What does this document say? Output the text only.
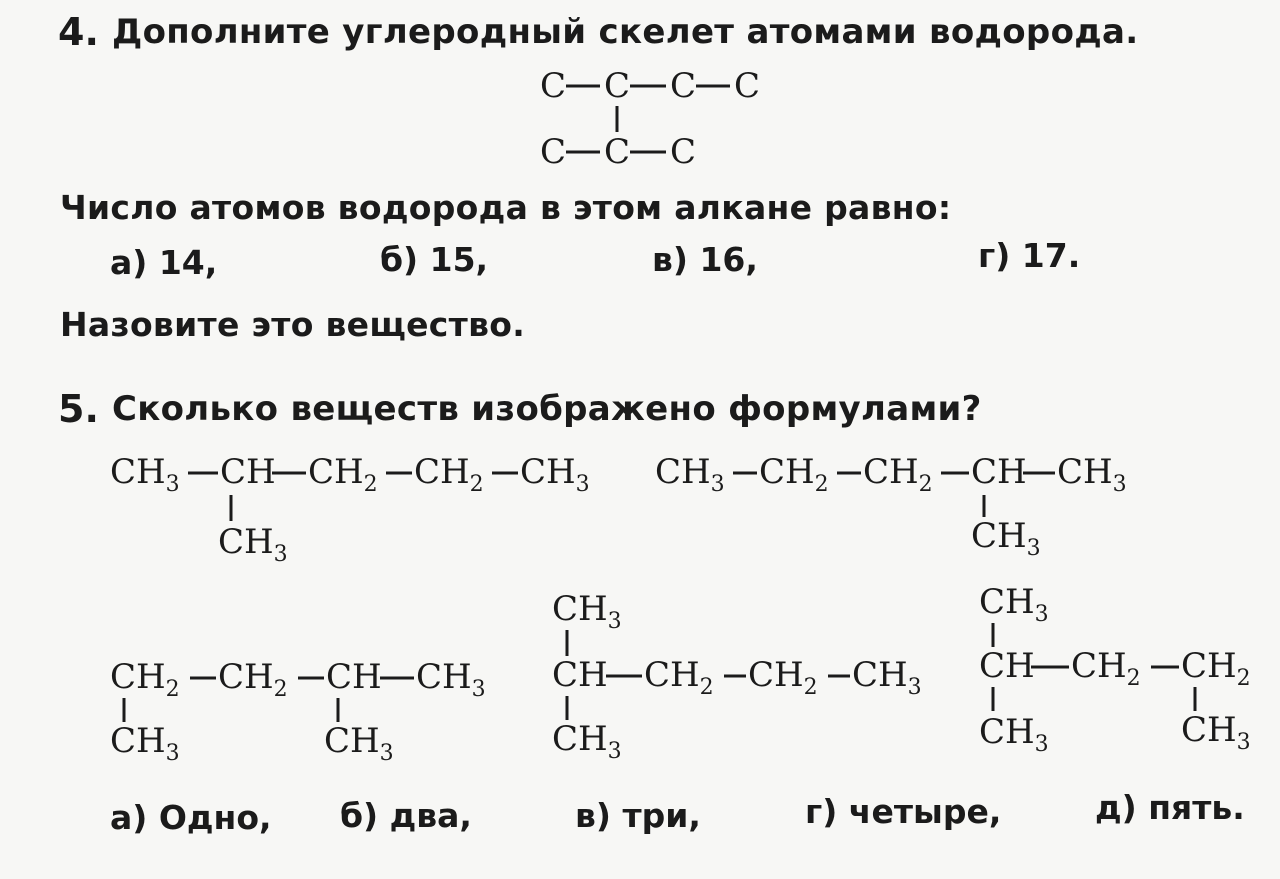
4. Дополните углеродный скелет атомами водорода.
C C C C
C C C
Число атомов водорода в этом алкане равно:
а) 14,	б) 15,	в) 16,	г) 17.
Назовите это вещество.
5. Сколько веществ изображено формулами?
$CH_3$ CH $CH_2$ $CH_2$ $CH_3$
$CH_3$
$CH_3$ $CH_2$ $CH_2$ CH $CH_3$
$CH_3$
$CH_2$ $CH_2$ CH $CH_3$
$CH_3$	$CH_3$
$CH_3$
CH $CH_2$ $CH_2$ $CH_3$
$CH_3$
$CH_3$
CH $CH_2$ $CH_2$
$CH_3$	$CH_3$
а) Одно, б) два,	в) три,	г) четыре,	д) пять.
